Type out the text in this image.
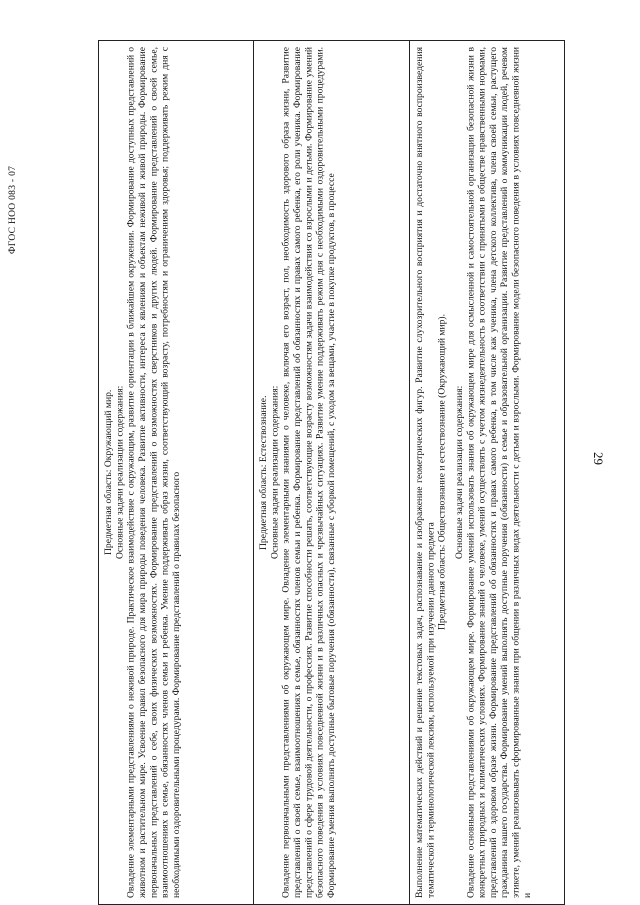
ФГОС НОО 083 - 07
29

Выполнение математических действий и решение текстовых задач, распознавание и изображение геометрических фигур. Развитие слухозрительного восприятия и достаточно внятного воспроизведения тематической и терминологической лексики, используемой при изучении данного предмета

Предметная область: Обществознание и естествознание (Окружающий мир). Основные задачи реализации содержания: Овладение основными представлениями об окружающем мире. Формирование умений использовать знания об окружающем мире для осмысленной и самостоятельной организации безопасной жизни в конкретных природных и климатических условиях. Формирование знаний о человеке, умений осуществлять с учетом жизнедеятельность в соответствии с принятыми в обществе нравственными нормами, представлений о здоровом образе жизни. Формирование представлений об обязанностях и правах самого ребенка, в том числе как ученика, члена детского коллектива, члена своей семьи, растущего гражданина нашего государства. Формирование умений выполнять доступные поручения (обязанности) в семье и образовательной организации. Развитие представлений о коммуникации людей, речевом этикете, умений реализовывать сформированные знания при общении в различных видах деятельности с детьми и взрослыми. Формирование модели безопасного поведения в условиях повседневной жизни и

Предметная область: Естествознание. Основные задачи реализации содержания: Овладение первоначальными представлениями об окружающем мире. Овладение элементарными знаниями о человеке, включая его возраст, пол, необходимость здорового образа жизни, Развитие представлений о своей семье, взаимоотношениях в семье, обязанностях членов семьи и ребенка. Формирование представлений об обязанностях и правах самого ребенка, его роли ученика. Формирование представлений о сфере трудовой деятельности, о профессиях. Развитие способности решать, соответствующие возрасту возможностям задачи взаимодействия со взрослыми и детьми. Формирование умений безопасного поведения в условиях повседневной жизни и в различных опасных и чрезвычайных ситуациях. Развитие умение поддерживать режим дня с необходимыми оздоровительными процедурами. Формирование умения выполнять доступные бытовые поручения (обязанности), связанные с уборкой помещений, с уходом за вещами, участие в покупке продуктов, в процессе

Предметная область: Окружающий мир. Основные задачи реализации содержания: Овладение элементарными представлениями о неживой природе. Практическое взаимодействие с окружающим, развитие ориентации в ближайшем окружении. Формирование доступных представлений о животном и растительном мире. Усвоение правил безопасного для мира природы поведения человека. Развитие активности, интереса к явлениям и объектам неживой и живой природы. Формирование первоначальных представлений о себе, своих физических возможностях. Формирование представлений о возможностях сверстников и других людей. Формирование представлений о своей семье, взаимоотношениях в семье, обязанностях членов семьи и ребенка. Умение поддерживать образ жизни, соответствующий возрасту, потребностям и ограничениям здоровья; поддерживать режим дня с необходимыми оздоровительными процедурами. Формирование представлений о правилах безопасного
